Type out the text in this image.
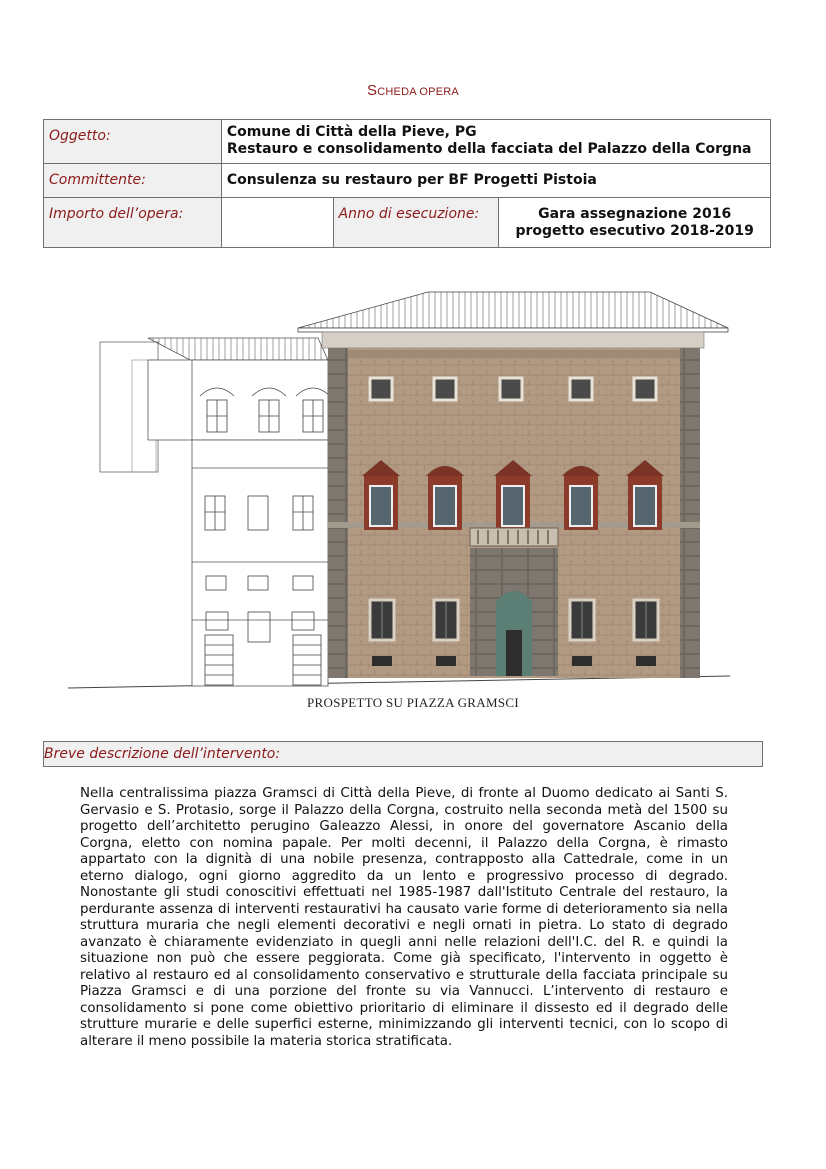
SCHEDA OPERA
Oggetto:	Comune di Città della Pieve, PG
Restauro e consolidamento della facciata del Palazzo della Corgna		

Committente:	Consulenza su restauro per BF Progetti Pistoia		
Importo dell’opera:		Anno di esecuzione:	Gara assegnazione 2016
progetto esecutivo 2018-2019
PROSPETTO SU PIAZZA GRAMSCI
Breve descrizione dell’intervento:
Nella centralissima piazza Gramsci di Città della Pieve, di fronte al Duomo dedicato ai Santi S. Gervasio e S. Protasio, sorge il Palazzo della Corgna, costruito nella seconda metà del 1500 su progetto dell’architetto perugino Galeazzo Alessi, in onore del governatore Ascanio della Corgna, eletto con nomina papale. Per molti decenni, il Palazzo della Corgna, è rimasto appartato con la dignità di una nobile presenza, contrapposto alla Cattedrale, come in un eterno dialogo, ogni giorno aggredito da un lento e progressivo processo di degrado. Nonostante gli studi conoscitivi effettuati nel 1985-1987 dall'Istituto Centrale del restauro, la perdurante assenza di interventi restaurativi ha causato varie forme di deterioramento sia nella struttura muraria che negli elementi decorativi e negli ornati in pietra. Lo stato di degrado avanzato è chiaramente evidenziato in quegli anni nelle relazioni dell'I.C. del R. e quindi la situazione non può che essere peggiorata. Come già specificato, l'intervento in oggetto è relativo al restauro ed al consolidamento conservativo e strutturale della facciata principale su Piazza Gramsci e di una porzione del fronte su via Vannucci. L’intervento di restauro e consolidamento si pone come obiettivo prioritario di eliminare il dissesto ed il degrado delle strutture murarie e delle superfici esterne, minimizzando gli interventi tecnici, con lo scopo di alterare il meno possibile la materia storica stratificata.
